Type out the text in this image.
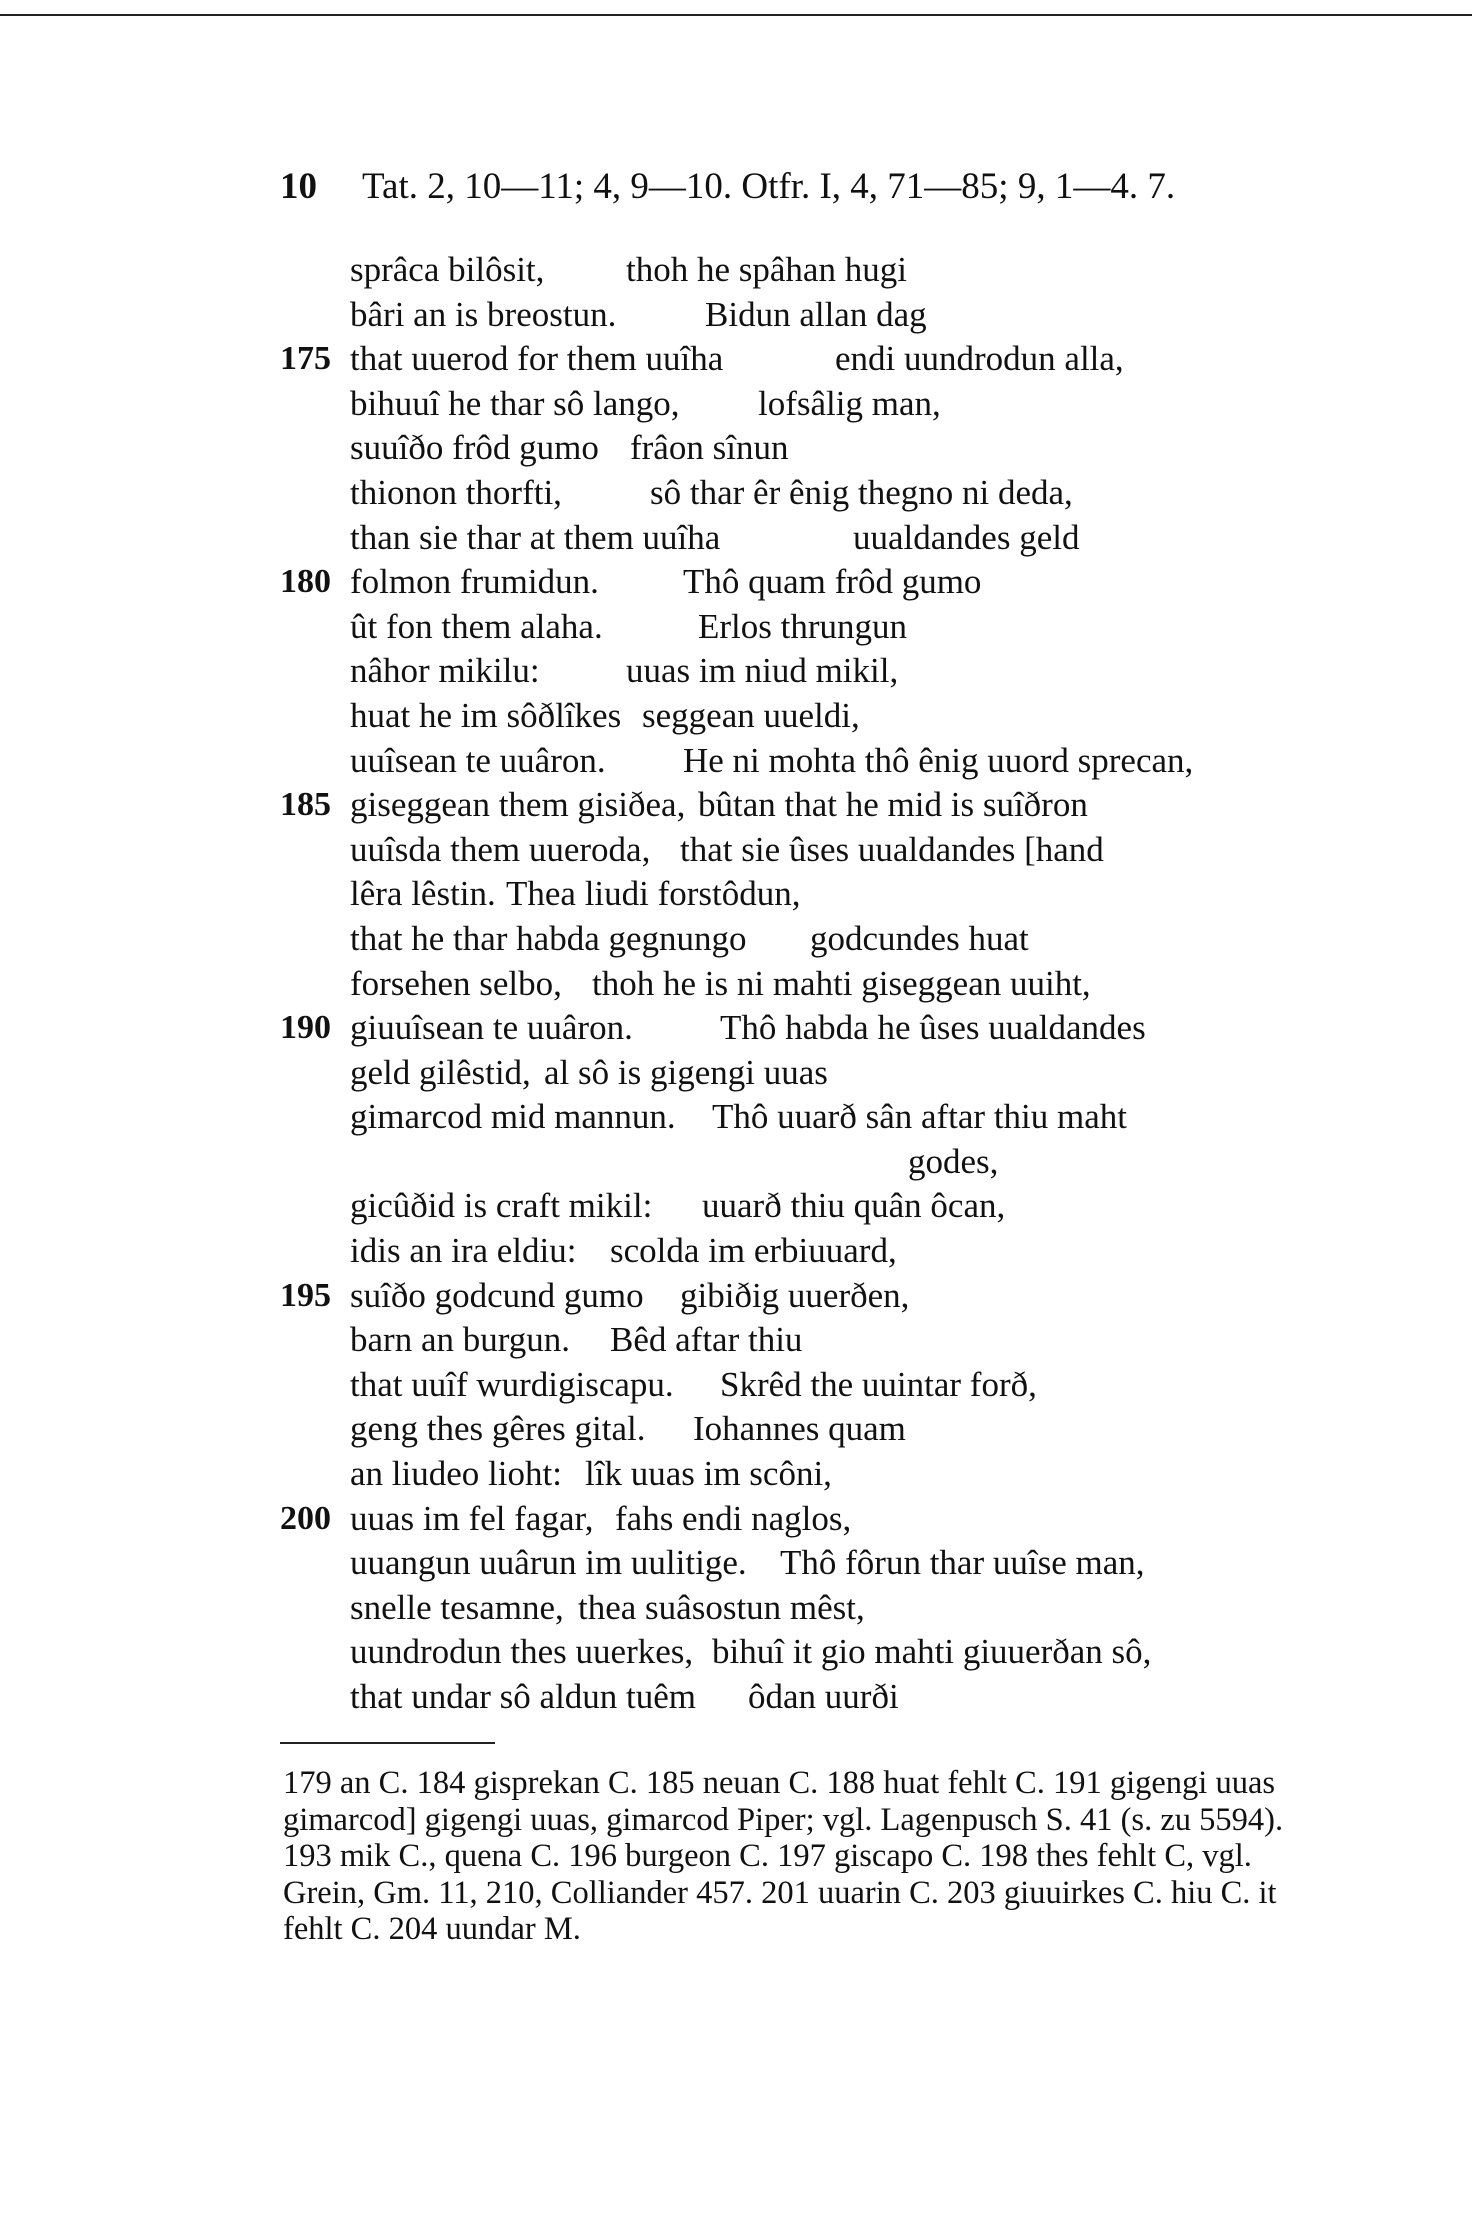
10 Tat. 2, 10—11; 4, 9—10. Otfr. I, 4, 71—85; 9, 1—4. 7.
sprâca bilôsit, thoh he spâhan hugi
bâri an is breostun.	Bidun allan dag
175 that uuerod for them uuîha	endi uundrodun alla,
bihuuî he thar sô lango, lofsâlig man,
suuîðo frôd gumo frâon sînun
thionon thorfti,	sô thar êr ênig thegno ni deda,
than sie thar at them uuîha	uualdandes geld
180 folmon frumidun. Thô quam frôd gumo
ût fon them alaha.	Erlos thrungun
nâhor mikilu: uuas im niud mikil,
huat he im sôðlîkes seggean uueldi,
uuîsean te uuâron. He ni mohta thô ênig uuord sprecan,
185 giseggean them gisiðea, bûtan that he mid is suîðron
uuîsda them uueroda, that sie ûses uualdandes [hand
lêra lêstin. Thea liudi forstôdun,
that he thar habda gegnungo godcundes huat
forsehen selbo, thoh he is ni mahti giseggean uuiht,
190 giuuîsean te uuâron. Thô habda he ûses uualdandes
geld gilêstid, al sô is gigengi uuas
gimarcod mid mannun. Thô uuarð sân aftar thiu maht
godes,
gicûðid is craft mikil: uuarð thiu quân ôcan,
idis an ira eldiu: scolda im erbiuuard,
195 suîðo godcund gumo gibiðig uuerðen,
barn an burgun. Bêd aftar thiu
that uuîf wurdigiscapu. Skrêd the uuintar forð,
geng thes gêres gital. Iohannes quam
an liudeo lioht: lîk uuas im scôni,
200 uuas im fel fagar, fahs endi naglos,
uuangun uuârun im uulitige. Thô fôrun thar uuîse man,
snelle tesamne, thea suâsostun mêst,
uundrodun thes uuerkes, bihuî it gio mahti giuuerðan sô,
that undar sô aldun tuêm ôdan uurði

179 an C. 184 gisprekan C. 185 neuan C. 188 huat fehlt C. 191 gigengi uuas gimarcod] gigengi uuas, gimarcod Piper; vgl. Lagenpusch S. 41 (s. zu 5594). 193 mik C., quena C. 196 burgeon C. 197 giscapo C. 198 thes fehlt C, vgl. Grein, Gm. 11, 210, Colliander 457. 201 uuarin C. 203 giuuirkes C. hiu C. it fehlt C. 204 uundar M.
